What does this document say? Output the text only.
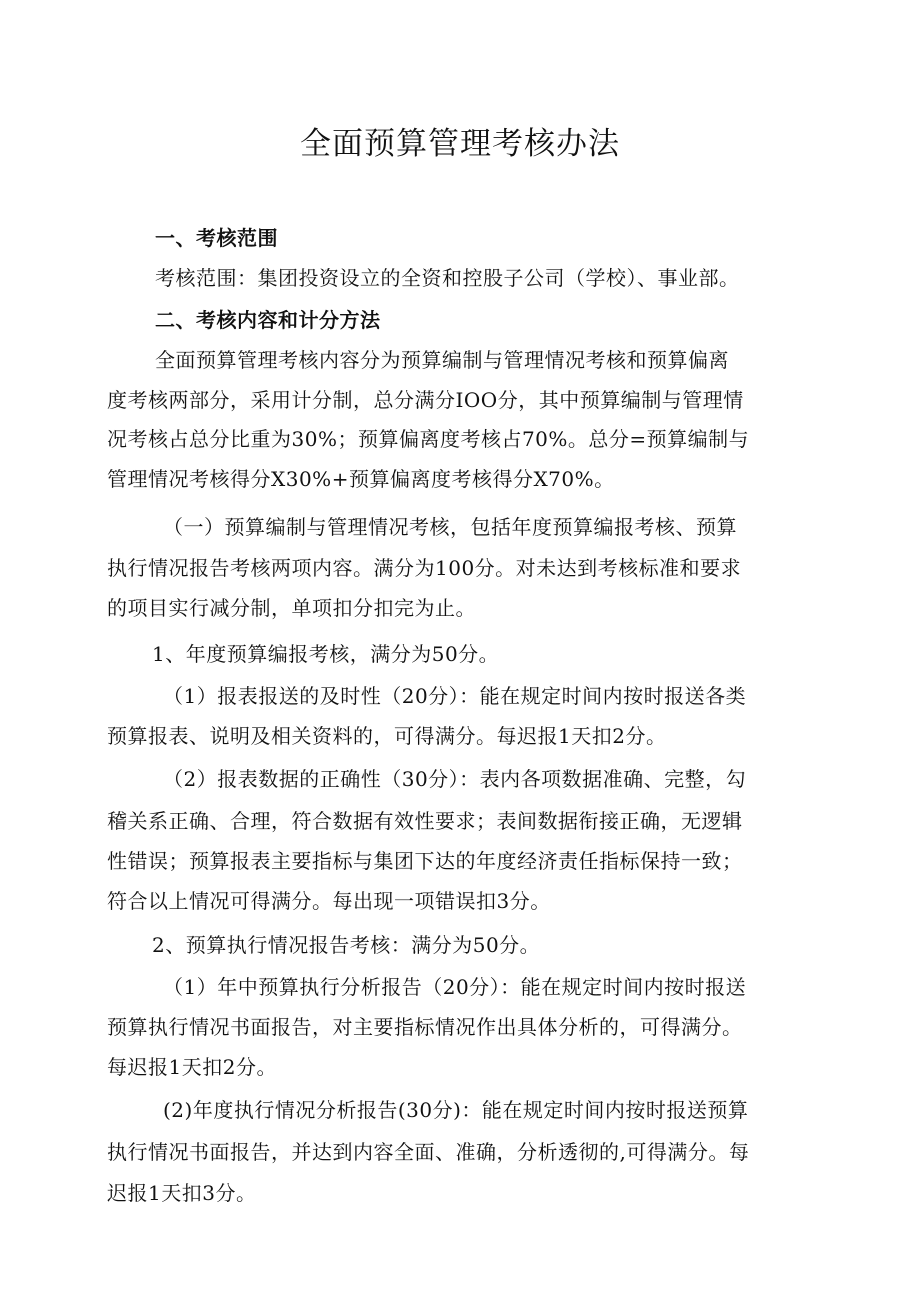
全面预算管理考核办法

一、考核范围

考核范围：集团投资设立的全资和控股子公司（学校）、事业部。

二、考核内容和计分方法

全面预算管理考核内容分为预算编制与管理情况考核和预算偏离

度考核两部分，采用计分制，总分满分IOO分，其中预算编制与管理情

况考核占总分比重为30%；预算偏离度考核占70%。总分=预算编制与

管理情况考核得分X30%+预算偏离度考核得分X70%。

（一）预算编制与管理情况考核，包括年度预算编报考核、预算

执行情况报告考核两项内容。满分为100分。对未达到考核标准和要求

的项目实行减分制，单项扣分扣完为止。

1、年度预算编报考核，满分为50分。

（1）报表报送的及时性（20分）：能在规定时间内按时报送各类

预算报表、说明及相关资料的，可得满分。每迟报1天扣2分。

（2）报表数据的正确性（30分）：表内各项数据准确、完整，勾

稽关系正确、合理，符合数据有效性要求；表间数据衔接正确，无逻辑

性错误；预算报表主要指标与集团下达的年度经济责任指标保持一致；

符合以上情况可得满分。每出现一项错误扣3分。

2、预算执行情况报告考核：满分为50分。

（1）年中预算执行分析报告（20分）：能在规定时间内按时报送

预算执行情况书面报告，对主要指标情况作出具体分析的，可得满分。

每迟报1天扣2分。

(2)年度执行情况分析报告(30分)：能在规定时间内按时报送预算

执行情况书面报告，并达到内容全面、准确，分析透彻的,可得满分。每

迟报1天扣3分。
